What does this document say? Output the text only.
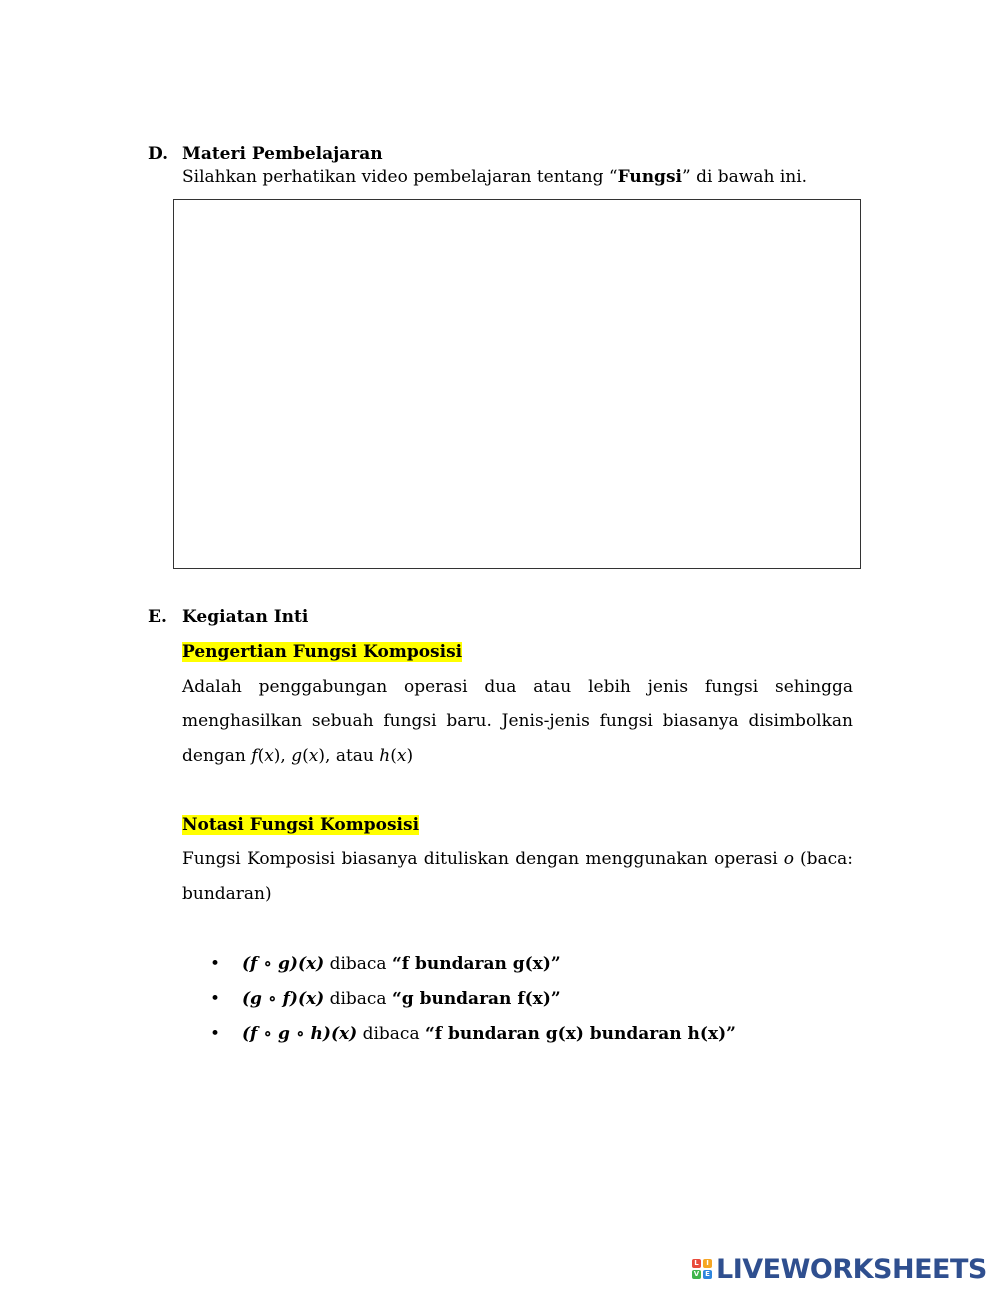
D. Materi Pembelajaran
Silahkan perhatikan video pembelajaran tentang “Fungsi” di bawah ini.
E. Kegiatan Inti
Pengertian Fungsi Komposisi
Adalah penggabungan operasi dua atau lebih jenis fungsi sehingga
menghasilkan sebuah fungsi baru. Jenis-jenis fungsi biasanya disimbolkan
dengan f(x), g(x), atau h(x)
Notasi Fungsi Komposisi
Fungsi Komposisi biasanya dituliskan dengan menggunakan operasi o (baca:
bundaran)
• (f ∘ g)(x) dibaca “f bundaran g(x)”
• (g ∘ f)(x) dibaca “g bundaran f(x)”
• (f ∘ g ∘ h)(x) dibaca “f bundaran g(x) bundaran h(x)”
L	I
V E LIVEWORKSHEETS
